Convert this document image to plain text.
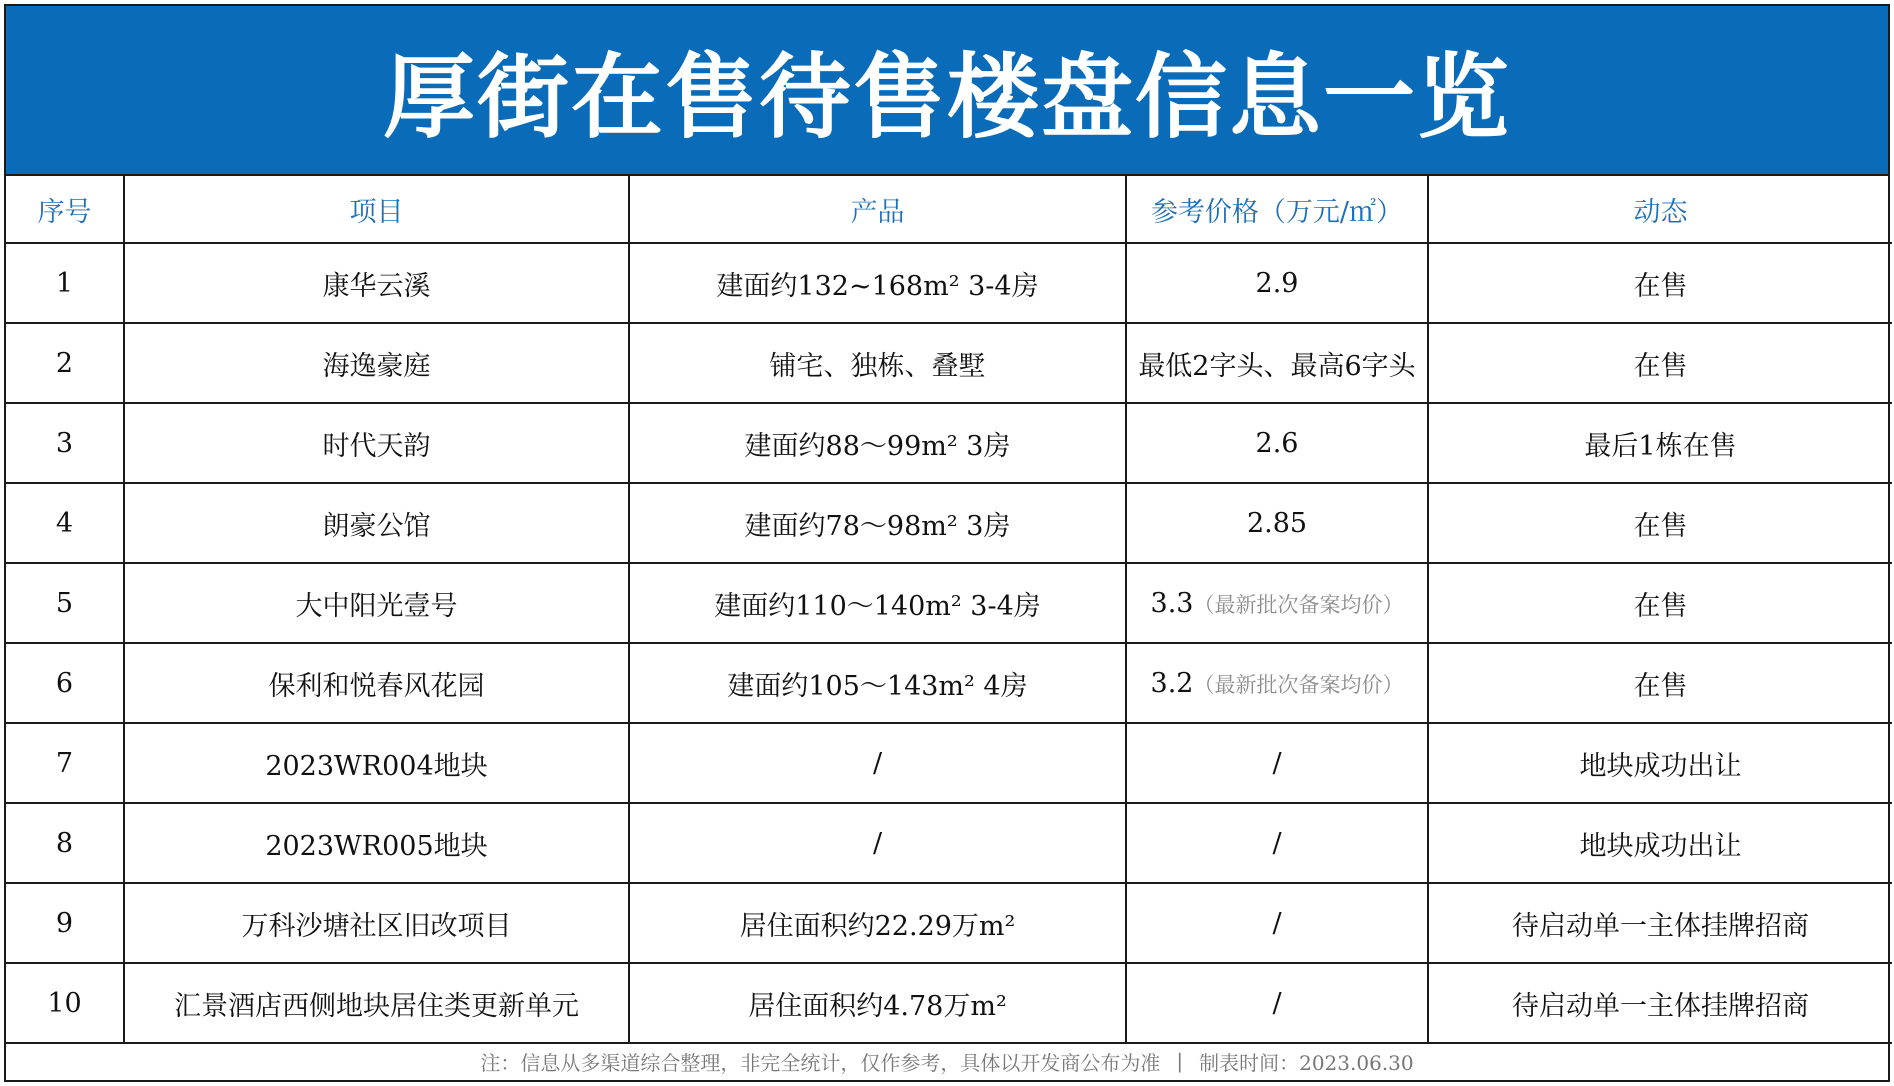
厚街在售待售楼盘信息一览
序号	项目	产品	参考价格（万元/㎡）	动态
1	康华云溪	建面约132~168m² 3-4房	2.9	在售
2	海逸豪庭	铺宅、独栋、叠墅	最低2字头、最高6字头	在售
3	时代天韵	建面约88～99m² 3房	2.6	最后1栋在售
4	朗豪公馆	建面约78～98m² 3房	2.85	在售
5	大中阳光壹号	建面约110～140m² 3-4房	3.3（最新批次备案均价）	在售
6	保利和悦春风花园	建面约105～143m² 4房	3.2（最新批次备案均价）	在售
7	2023WR004地块	/	/	地块成功出让
8	2023WR005地块	/	/	地块成功出让
9	万科沙塘社区旧改项目	居住面积约22.29万m²	/	待启动单一主体挂牌招商
10	汇景酒店西侧地块居住类更新单元	居住面积约4.78万m²	/	待启动单一主体挂牌招商
注：信息从多渠道综合整理，非完全统计，仅作参考，具体以开发商公布为准 | 制表时间：2023.06.30
